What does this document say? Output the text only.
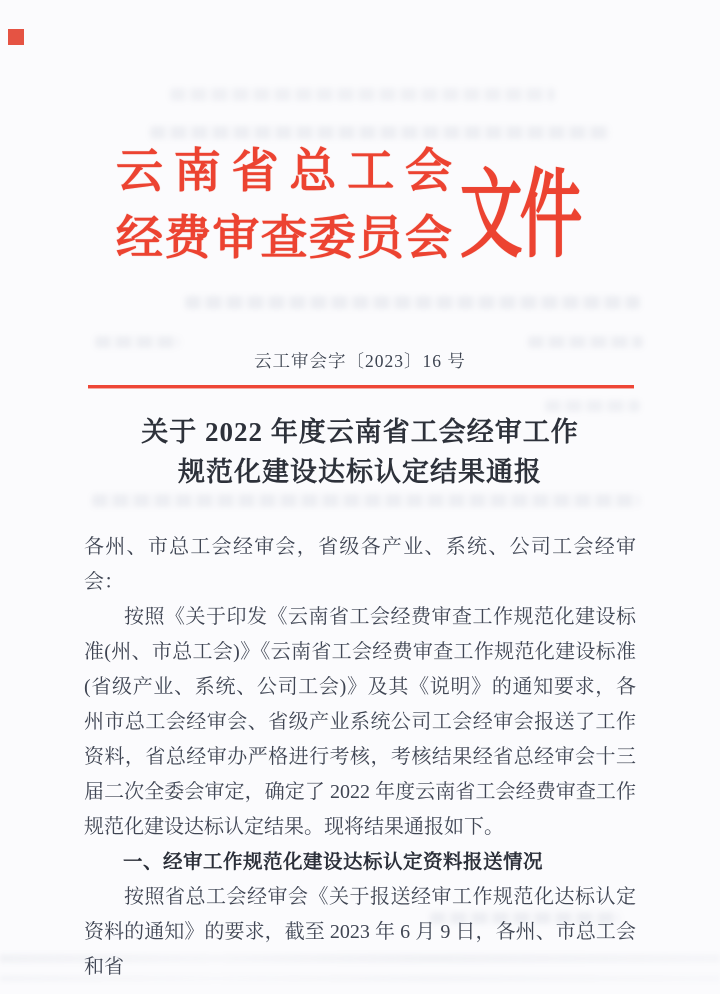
云 南 省 总 工 会
经 费 审 查 委 员 会 文件
云工审会字〔2023〕16 号
关于 2022 年度云南省工会经审工作
规范化建设达标认定结果通报

各州、市总工会经审会，省级各产业、系统、公司工会经审会：

按照《关于印发《云南省工会经费审查工作规范化建设标准(州、市总工会)》《云南省工会经费审查工作规范化建设标准(省级产业、系统、公司工会)》及其《说明》的通知要求，各州市总工会经审会、省级产业系统公司工会经审会报送了工作资料，省总经审办严格进行考核，考核结果经省总经审会十三届二次全委会审定，确定了 2022 年度云南省工会经费审查工作规范化建设达标认定结果。现将结果通报如下。

一、经审工作规范化建设达标认定资料报送情况

按照省总工会经审会《关于报送经审工作规范化达标认定资料的通知》的要求，截至 2023 年 6 月 9 日，各州、市总工会和省
